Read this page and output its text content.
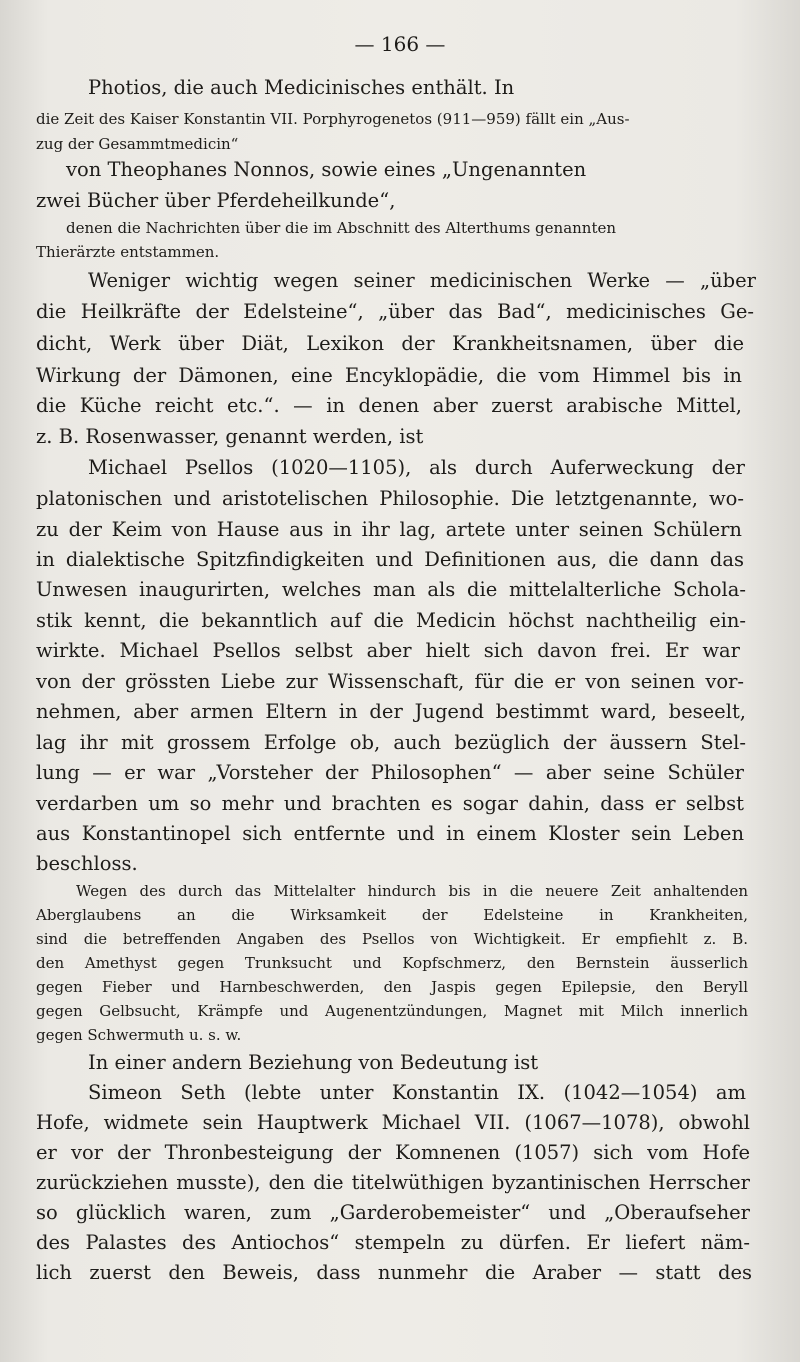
— 166 —
Photios, die auch Medicinisches enthält. In
die Zeit des Kaiser Konstantin VII. Porphyrogenetos (911—959) fällt ein „Aus-
zug der Gesammtmedicin“
von Theophanes Nonnos, sowie eines „Ungenannten
zwei Bücher über Pferdeheilkunde“,
denen die Nachrichten über die im Abschnitt des Alterthums genannten
Thierärzte entstammen.
Weniger wichtig wegen seiner medicinischen Werke — „über
die Heilkräfte der Edelsteine“, „über das Bad“, medicinisches Ge-
dicht, Werk über Diät, Lexikon der Krankheitsnamen, über die
Wirkung der Dämonen, eine Encyklopädie, die vom Himmel bis in
die Küche reicht etc.“. — in denen aber zuerst arabische Mittel,
z. B. Rosenwasser, genannt werden, ist
Michael Psellos (1020—1105), als durch Auferweckung der
platonischen und aristotelischen Philosophie. Die letztgenannte, wo-
zu der Keim von Hause aus in ihr lag, artete unter seinen Schülern
in dialektische Spitzfindigkeiten und Definitionen aus, die dann das
Unwesen inaugurirten, welches man als die mittelalterliche Schola-
stik kennt, die bekanntlich auf die Medicin höchst nachtheilig ein-
wirkte. Michael Psellos selbst aber hielt sich davon frei. Er war
von der grössten Liebe zur Wissenschaft, für die er von seinen vor-
nehmen, aber armen Eltern in der Jugend bestimmt ward, beseelt,
lag ihr mit grossem Erfolge ob, auch bezüglich der äussern Stel-
lung — er war „Vorsteher der Philosophen“ — aber seine Schüler
verdarben um so mehr und brachten es sogar dahin, dass er selbst
aus Konstantinopel sich entfernte und in einem Kloster sein Leben
beschloss.
Wegen des durch das Mittelalter hindurch bis in die neuere Zeit anhaltenden
Aberglaubens an die Wirksamkeit der Edelsteine in Krankheiten,
sind die betreffenden Angaben des Psellos von Wichtigkeit. Er empfiehlt z. B.
den Amethyst gegen Trunksucht und Kopfschmerz, den Bernstein äusserlich
gegen Fieber und Harnbeschwerden, den Jaspis gegen Epilepsie, den Beryll
gegen Gelbsucht, Krämpfe und Augenentzündungen, Magnet mit Milch innerlich
gegen Schwermuth u. s. w.
In einer andern Beziehung von Bedeutung ist
Simeon Seth (lebte unter Konstantin IX. (1042—1054) am
Hofe, widmete sein Hauptwerk Michael VII. (1067—1078), obwohl
er vor der Thronbesteigung der Komnenen (1057) sich vom Hofe
zurückziehen musste), den die titelwüthigen byzantinischen Herrscher
so glücklich waren, zum „Garderobemeister“ und „Oberaufseher
des Palastes des Antiochos“ stempeln zu dürfen. Er liefert näm-
lich zuerst den Beweis, dass nunmehr die Araber — statt des
